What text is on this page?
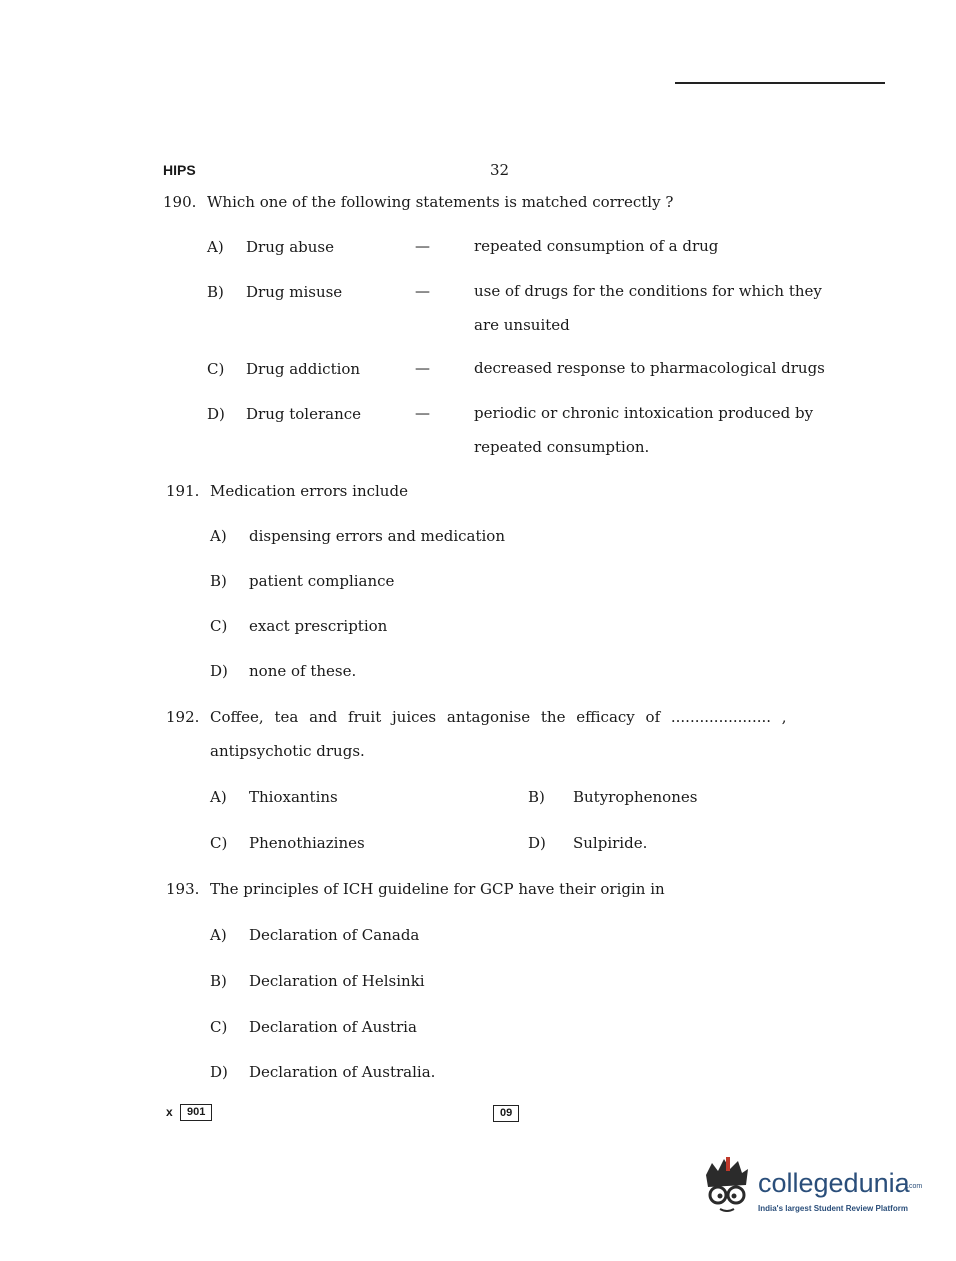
HIPS	32
190. Which one of the following statements is matched correctly ?
A) Drug abuse	—	repeated consumption of a drug
B) Drug misuse	—	use of drugs for the conditions for which they
are unsuited
C) Drug addiction	—	decreased response to pharmacological drugs
D) Drug tolerance	—	periodic or chronic intoxication produced by
repeated consumption.
191. Medication errors include
A) dispensing errors and medication
B) patient compliance
C) exact prescription
D) none of these.
192. Coffee, tea and fruit juices antagonise the efficacy of ..................... ,
antipsychotic drugs.
A) Thioxantins	B) Butyrophenones
C) Phenothiazines	D) Sulpiride.
193. The principles of ICH guideline for GCP have their origin in
A) Declaration of Canada
B) Declaration of Helsinki
C) Declaration of Austria
D) Declaration of Australia.
x	901	09
collegedunia
.com
India's largest Student Review Platform
